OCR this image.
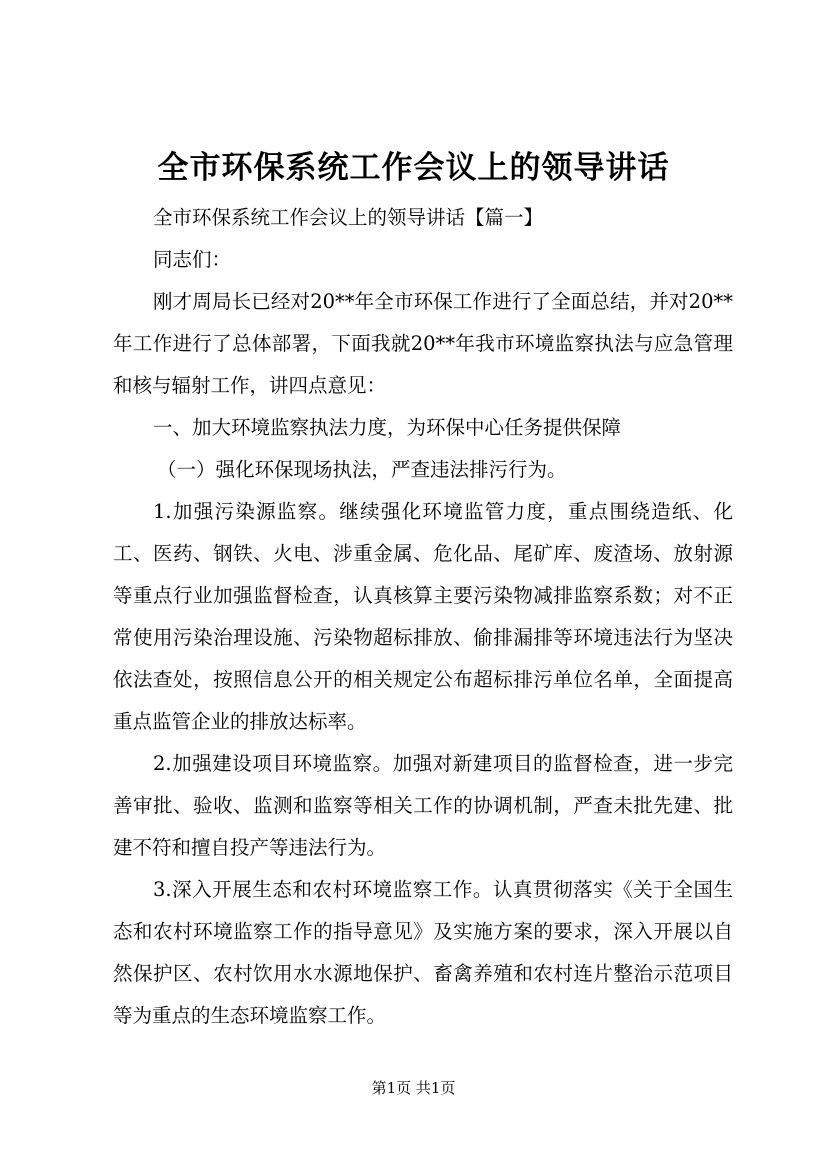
全市环保系统工作会议上的领导讲话

全市环保系统工作会议上的领导讲话【篇一】

同志们：

刚才周局长已经对20**年全市环保工作进行了全面总结，并对20**年工作进行了总体部署，下面我就20**年我市环境监察执法与应急管理和核与辐射工作，讲四点意见：

一、加大环境监察执法力度，为环保中心任务提供保障

（一）强化环保现场执法，严查违法排污行为。

1.加强污染源监察。继续强化环境监管力度，重点围绕造纸、化工、医药、钢铁、火电、涉重金属、危化品、尾矿库、废渣场、放射源等重点行业加强监督检查，认真核算主要污染物减排监察系数；对不正常使用污染治理设施、污染物超标排放、偷排漏排等环境违法行为坚决依法查处，按照信息公开的相关规定公布超标排污单位名单，全面提高重点监管企业的排放达标率。

2.加强建设项目环境监察。加强对新建项目的监督检查，进一步完善审批、验收、监测和监察等相关工作的协调机制，严查未批先建、批建不符和擅自投产等违法行为。

3.深入开展生态和农村环境监察工作。认真贯彻落实《关于全国生态和农村环境监察工作的指导意见》及实施方案的要求，深入开展以自然保护区、农村饮用水水源地保护、畜禽养殖和农村连片整治示范项目等为重点的生态环境监察工作。

第1页 共1页
